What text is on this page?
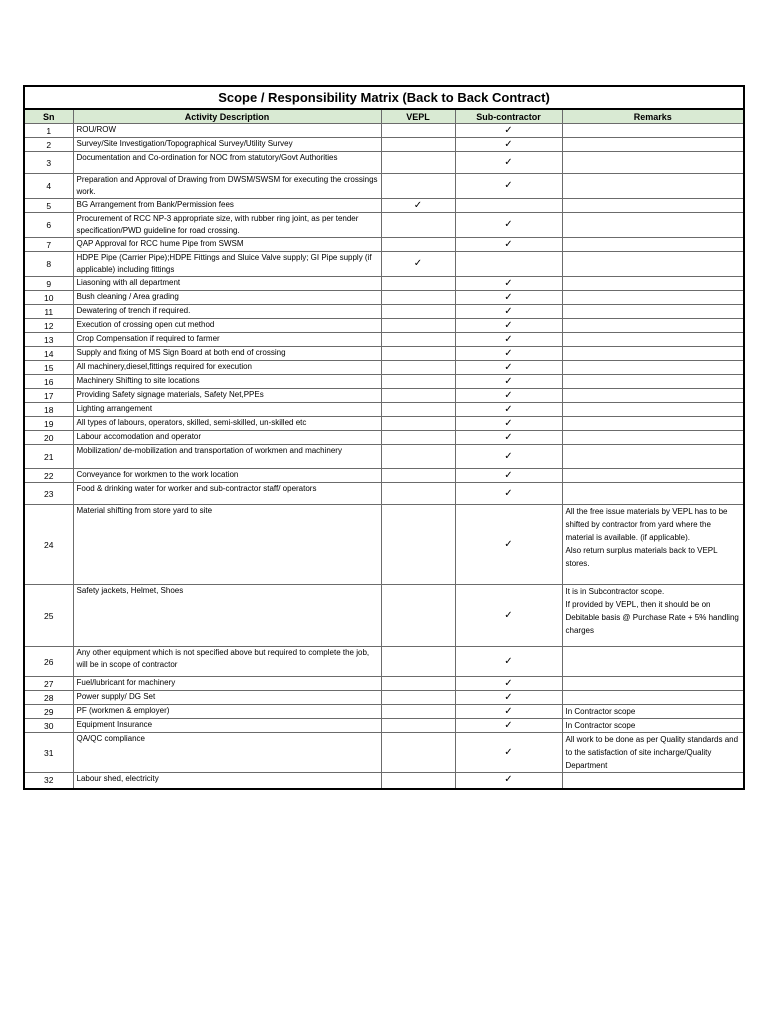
Scope / Responsibility Matrix (Back to Back Contract)				
Sn	Activity Description	VEPL	Sub-contractor	Remarks
1	ROU/ROW		✓	
2	Survey/Site Investigation/Topographical Survey/Utility Survey		✓	
3	Documentation and Co-ordination for NOC from statutory/Govt Authorities		✓	
4	Preparation and Approval of Drawing from DWSM/SWSM for executing the crossings work.		✓	
5	BG Arrangement from Bank/Permission fees	✓		
6	Procurement of RCC NP-3 appropriate size, with rubber ring joint, as per tender specification/PWD guideline for road crossing.		✓	
7	QAP Approval for RCC hume Pipe from SWSM		✓	
8	HDPE Pipe (Carrier Pipe);HDPE Fittings and Sluice Valve supply; GI Pipe supply (if applicable) including fittings	✓		
9	Liasoning with all department		✓	
10	Bush cleaning / Area grading		✓	
11	Dewatering of trench if required.		✓	
12	Execution of crossing open cut method		✓	
13	Crop Compensation if required to farmer		✓	
14	Supply and fixing of MS Sign Board at both end of crossing		✓	
15	All machinery,diesel,fittings required for execution		✓	
16	Machinery Shifting to site locations		✓	
17	Providing Safety signage materials, Safety Net,PPEs		✓	
18	Lighting arrangement		✓	
19	All types of labours, operators, skilled, semi-skilled, un-skilled etc		✓	
20	Labour accomodation and operator		✓	
21	Mobilization/ de-mobilization and transportation of workmen and machinery		✓	
22	Conveyance for workmen to the work location		✓	
23	Food & drinking water for worker and sub-contractor staff/ operators		✓	
24	Material shifting from store yard to site		✓	All the free issue materials by VEPL has to be shifted by contractor from yard where the material is available. (if applicable).
Also return surplus materials back to VEPL stores.
25	Safety jackets, Helmet, Shoes		✓	It is in Subcontractor scope.
If provided by VEPL, then it should be on Debitable basis @ Purchase Rate + 5% handling charges
26	Any other equipment which is not specified above but required to complete the job, will be in scope of contractor		✓	
27	Fuel/lubricant for machinery		✓	
28	Power supply/ DG Set		✓	
29	PF (workmen & employer)		✓	In Contractor scope
30	Equipment Insurance		✓	In Contractor scope
31	QA/QC compliance		✓	All work to be done as per Quality standards and to the satisfaction of site incharge/Quality Department
32	Labour shed, electricity		✓	
